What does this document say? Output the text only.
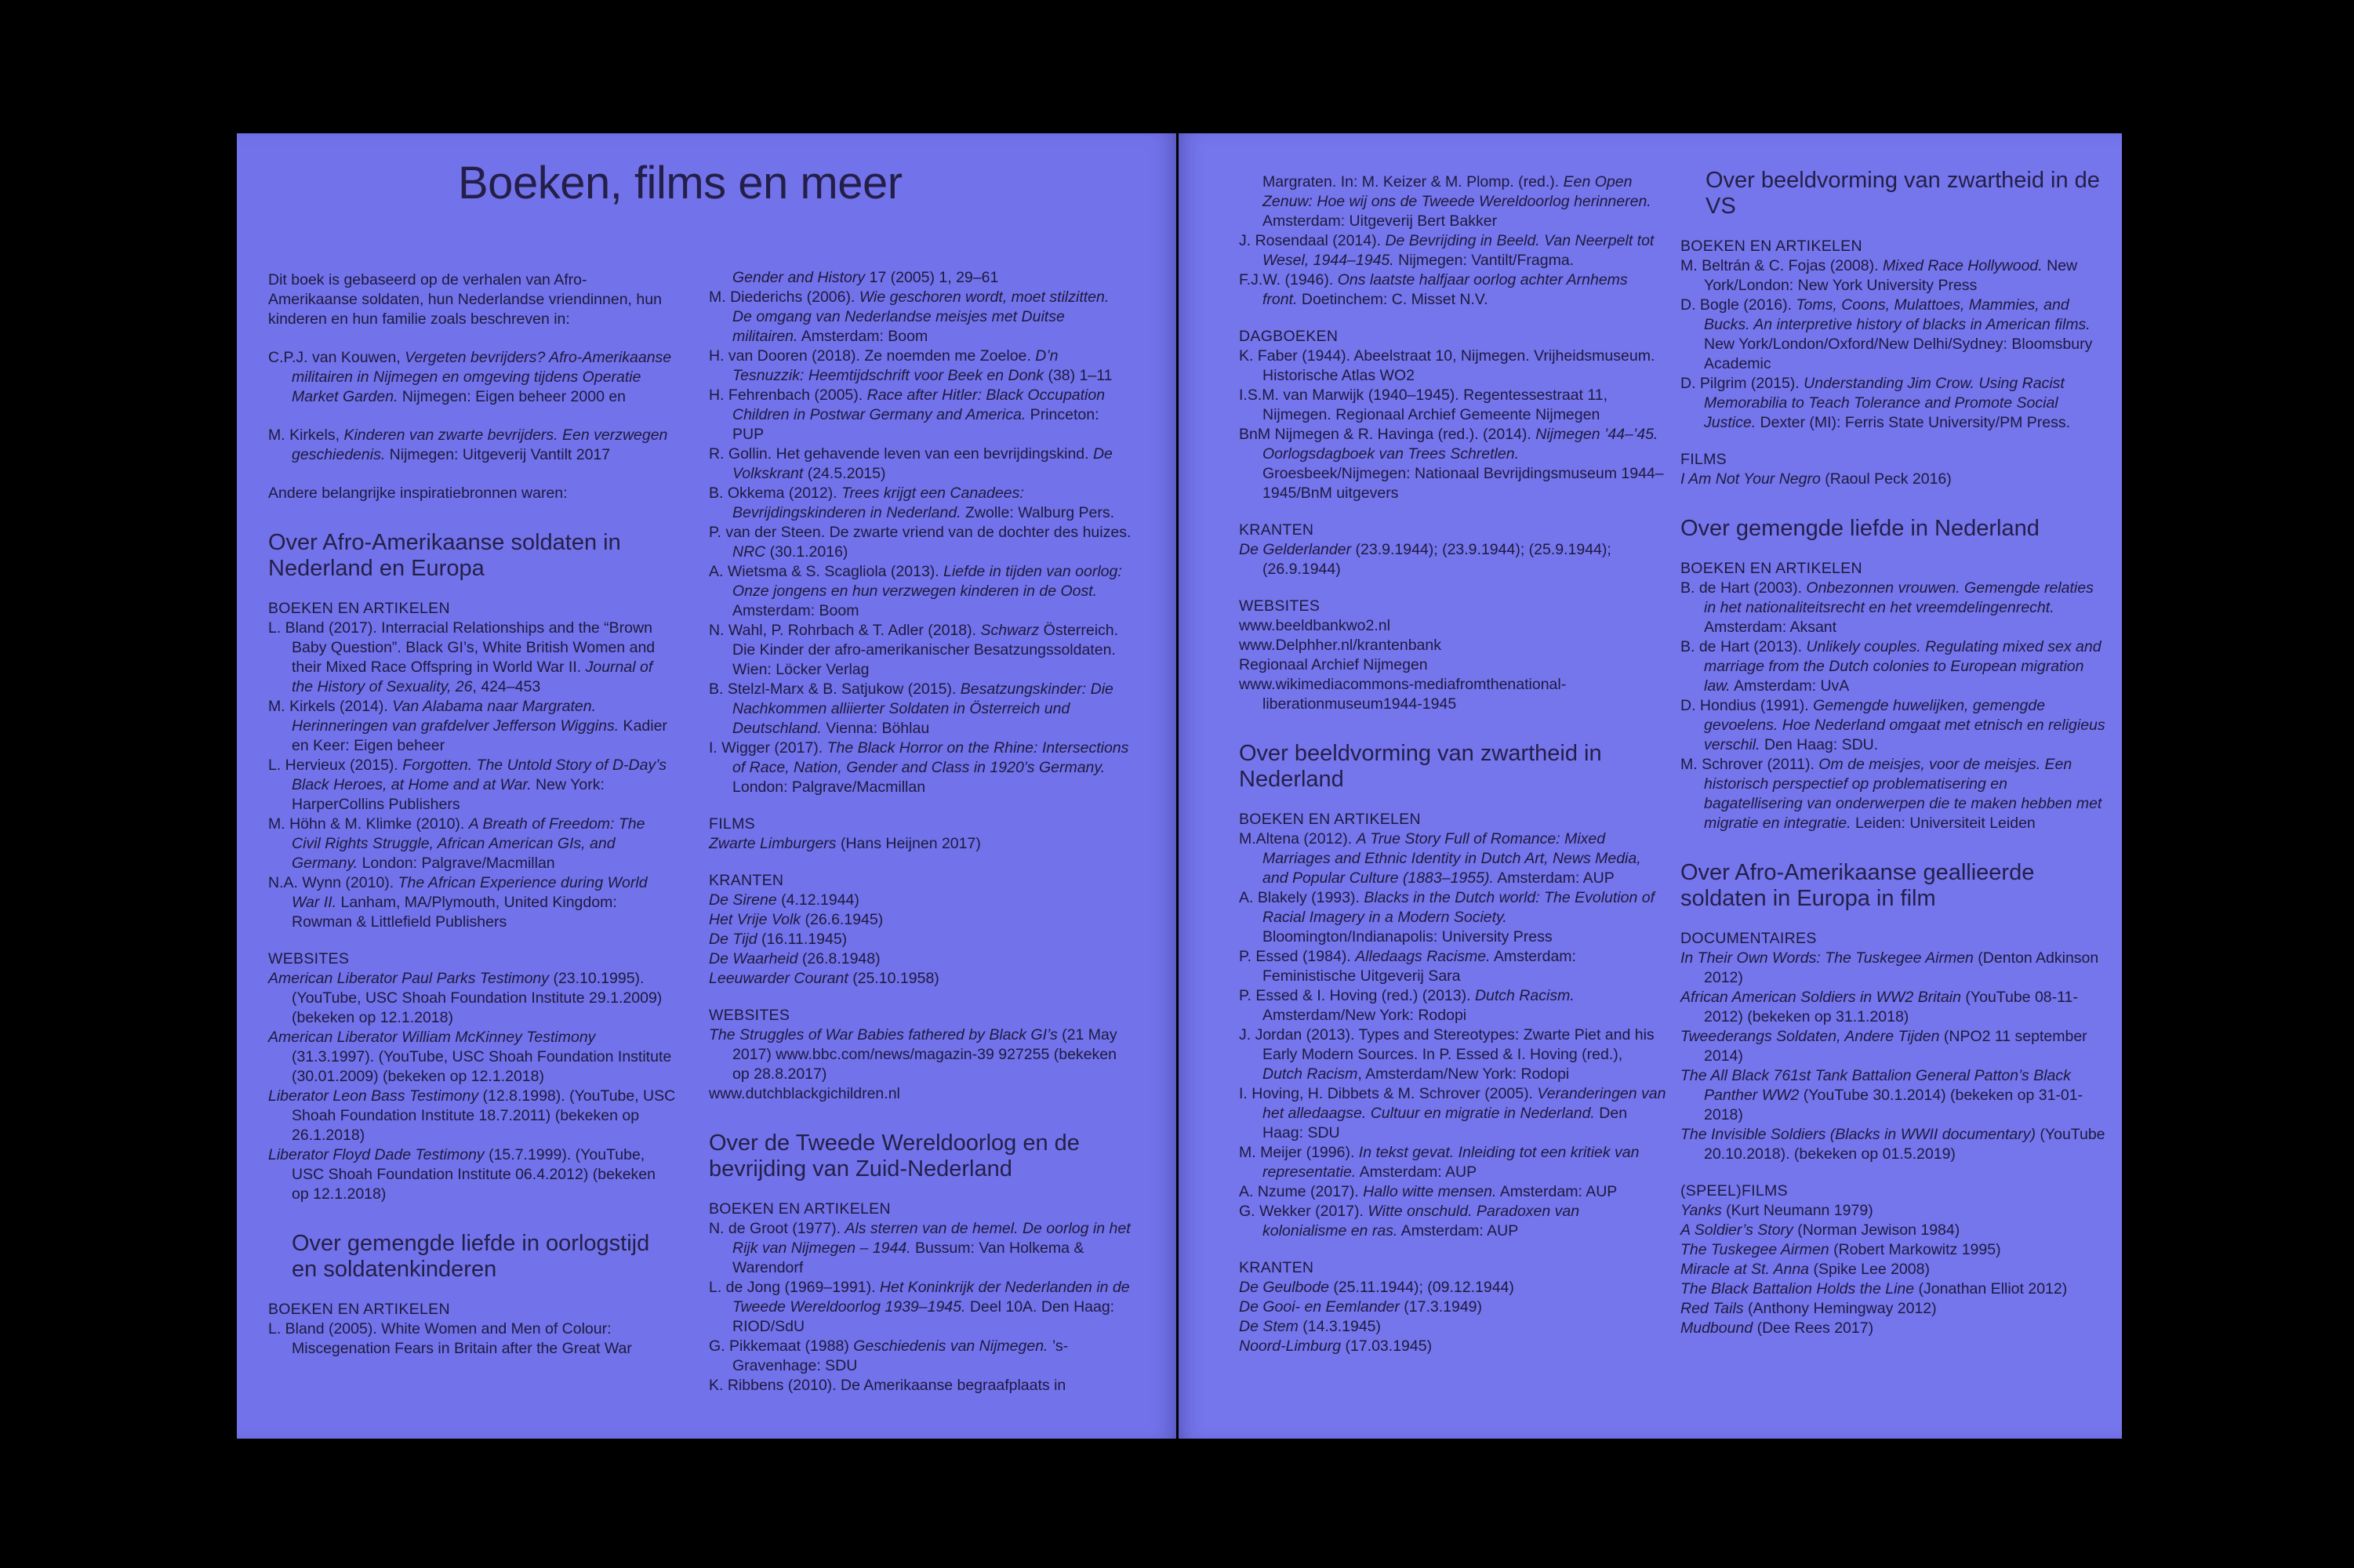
Boeken, films en meer

Dit boek is gebaseerd op de verhalen van Afro-Amerikaanse soldaten, hun Nederlandse vriendinnen, hun kinderen en hun familie zoals beschreven in:

C.P.J. van Kouwen, Vergeten bevrijders? Afro-Amerikaanse militairen in Nijmegen en omgeving tijdens Operatie Market Garden. Nijmegen: Eigen beheer 2000 en
M. Kirkels, Kinderen van zwarte bevrijders. Een verzwegen geschiedenis. Nijmegen: Uitgeverij Vantilt 2017

Andere belangrijke inspiratiebronnen waren:

Over Afro-Amerikaanse soldaten in Nederland en Europa
BOEKEN EN ARTIKELEN
L. Bland (2017). Interracial Relationships and the “Brown Baby Question”. Black GI’s, White British Women and their Mixed Race Offspring in World War II. Journal of the History of Sexuality, 26, 424–453
M. Kirkels (2014). Van Alabama naar Margraten. Herinneringen van grafdelver Jefferson Wiggins. Kadier en Keer: Eigen beheer
L. Hervieux (2015). Forgotten. The Untold Story of D-Day’s Black Heroes, at Home and at War. New York: HarperCollins Publishers
M. Höhn & M. Klimke (2010). A Breath of Freedom: The Civil Rights Struggle, African American GIs, and Germany. London: Palgrave/Macmillan
N.A. Wynn (2010). The African Experience during World War II. Lanham, MA/Plymouth, United Kingdom: Rowman & Littlefield Publishers
WEBSITES
American Liberator Paul Parks Testimony (23.10.1995). (YouTube, USC Shoah Foundation Institute 29.1.2009) (bekeken op 12.1.2018)
American Liberator William McKinney Testimony (31.3.1997). (YouTube, USC Shoah Foundation Institute (30.01.2009) (bekeken op 12.1.2018)
Liberator Leon Bass Testimony (12.8.1998). (YouTube, USC Shoah Foundation Institute 18.7.2011) (bekeken op 26.1.2018)
Liberator Floyd Dade Testimony (15.7.1999). (YouTube, USC Shoah Foundation Institute 06.4.2012) (bekeken op 12.1.2018)
Over gemengde liefde in oorlogstijd en soldatenkinderen
BOEKEN EN ARTIKELEN
L. Bland (2005). White Women and Men of Colour: Miscegenation Fears in Britain after the Great War
Gender and History 17 (2005) 1, 29–61
M. Diederichs (2006). Wie geschoren wordt, moet stilzitten. De omgang van Nederlandse meisjes met Duitse militairen. Amsterdam: Boom
H. van Dooren (2018). Ze noemden me Zoeloe. D’n Tesnuzzik: Heemtijdschrift voor Beek en Donk (38) 1–11
H. Fehrenbach (2005). Race after Hitler: Black Occupation Children in Postwar Germany and America. Princeton: PUP
R. Gollin. Het gehavende leven van een bevrijdingskind. De Volkskrant (24.5.2015)
B. Okkema (2012). Trees krijgt een Canadees: Bevrijdingskinderen in Nederland. Zwolle: Walburg Pers.
P. van der Steen. De zwarte vriend van de dochter des huizes. NRC (30.1.2016)
A. Wietsma & S. Scagliola (2013). Liefde in tijden van oorlog: Onze jongens en hun verzwegen kinderen in de Oost. Amsterdam: Boom
N. Wahl, P. Rohrbach & T. Adler (2018). Schwarz Österreich. Die Kinder der afro-amerikanischer Besatzungssoldaten. Wien: Löcker Verlag
B. Stelzl-Marx & B. Satjukow (2015). Besatzungskinder: Die Nachkommen alliierter Soldaten in Österreich und Deutschland. Vienna: Böhlau
I. Wigger (2017). The Black Horror on the Rhine: Intersections of Race, Nation, Gender and Class in 1920’s Germany. London: Palgrave/Macmillan
FILMS
Zwarte Limburgers (Hans Heijnen 2017)
KRANTEN
De Sirene (4.12.1944)
Het Vrije Volk (26.6.1945)
De Tijd (16.11.1945)
De Waarheid (26.8.1948)
Leeuwarder Courant (25.10.1958)
WEBSITES
The Struggles of War Babies fathered by Black GI’s (21 May 2017) www.bbc.com/news/magazin-39 927255 (bekeken op 28.8.2017)
www.dutchblackgichildren.nl
Over de Tweede Wereldoorlog en de bevrijding van Zuid-Nederland
BOEKEN EN ARTIKELEN
N. de Groot (1977). Als sterren van de hemel. De oorlog in het Rijk van Nijmegen – 1944. Bussum: Van Holkema & Warendorf
L. de Jong (1969–1991). Het Koninkrijk der Nederlanden in de Tweede Wereldoorlog 1939–1945. Deel 10A. Den Haag: RIOD/SdU
G. Pikkemaat (1988) Geschiedenis van Nijmegen. ’s-Gravenhage: SDU
K. Ribbens (2010). De Amerikaanse begraafplaats in
Margraten. In: M. Keizer & M. Plomp. (red.). Een Open Zenuw: Hoe wij ons de Tweede Wereldoorlog herinneren. Amsterdam: Uitgeverij Bert Bakker
J. Rosendaal (2014). De Bevrijding in Beeld. Van Neerpelt tot Wesel, 1944–1945. Nijmegen: Vantilt/Fragma.
F.J.W. (1946). Ons laatste halfjaar oorlog achter Arnhems front. Doetinchem: C. Misset N.V.
DAGBOEKEN
K. Faber (1944). Abeelstraat 10, Nijmegen. Vrijheidsmuseum. Historische Atlas WO2
I.S.M. van Marwijk (1940–1945). Regentessestraat 11, Nijmegen. Regionaal Archief Gemeente Nijmegen
BnM Nijmegen & R. Havinga (red.). (2014). Nijmegen ’44–’45. Oorlogsdagboek van Trees Schretlen. Groesbeek/Nijmegen: Nationaal Bevrijdingsmuseum 1944–1945/BnM uitgevers
KRANTEN
De Gelderlander (23.9.1944); (23.9.1944); (25.9.1944); (26.9.1944)
WEBSITES
www.beeldbankwo2.nl
www.Delphher.nl/krantenbank
Regionaal Archief Nijmegen
www.wikimediacommons-mediafromthenational-liberationmuseum1944-1945
Over beeldvorming van zwartheid in Nederland
BOEKEN EN ARTIKELEN
M.Altena (2012). A True Story Full of Romance: Mixed Marriages and Ethnic Identity in Dutch Art, News Media, and Popular Culture (1883–1955). Amsterdam: AUP
A. Blakely (1993). Blacks in the Dutch world: The Evolution of Racial Imagery in a Modern Society. Bloomington/Indianapolis: University Press
P. Essed (1984). Alledaags Racisme. Amsterdam: Feministische Uitgeverij Sara
P. Essed & I. Hoving (red.) (2013). Dutch Racism. Amsterdam/New York: Rodopi
J. Jordan (2013). Types and Stereotypes: Zwarte Piet and his Early Modern Sources. In P. Essed & I. Hoving (red.), Dutch Racism, Amsterdam/New York: Rodopi
I. Hoving, H. Dibbets & M. Schrover (2005). Veranderingen van het alledaagse. Cultuur en migratie in Nederland. Den Haag: SDU
M. Meijer (1996). In tekst gevat. Inleiding tot een kritiek van representatie. Amsterdam: AUP
A. Nzume (2017). Hallo witte mensen. Amsterdam: AUP
G. Wekker (2017). Witte onschuld. Paradoxen van kolonialisme en ras. Amsterdam: AUP
KRANTEN
De Geulbode (25.11.1944); (09.12.1944)
De Gooi- en Eemlander (17.3.1949)
De Stem (14.3.1945)
Noord-Limburg (17.03.1945)
Over beeldvorming van zwartheid in de VS
BOEKEN EN ARTIKELEN
M. Beltrán & C. Fojas (2008). Mixed Race Hollywood. New York/London: New York University Press
D. Bogle (2016). Toms, Coons, Mulattoes, Mammies, and Bucks. An interpretive history of blacks in American films. New York/London/Oxford/New Delhi/Sydney: Bloomsbury Academic
D. Pilgrim (2015). Understanding Jim Crow. Using Racist Memorabilia to Teach Tolerance and Promote Social Justice. Dexter (MI): Ferris State University/PM Press.
FILMS
I Am Not Your Negro (Raoul Peck 2016)
Over gemengde liefde in Nederland
BOEKEN EN ARTIKELEN
B. de Hart (2003). Onbezonnen vrouwen. Gemengde relaties in het nationaliteitsrecht en het vreemdelingenrecht. Amsterdam: Aksant
B. de Hart (2013). Unlikely couples. Regulating mixed sex and marriage from the Dutch colonies to European migration law. Amsterdam: UvA
D. Hondius (1991). Gemengde huwelijken, gemengde gevoelens. Hoe Nederland omgaat met etnisch en religieus verschil. Den Haag: SDU.
M. Schrover (2011). Om de meisjes, voor de meisjes. Een historisch perspectief op problematisering en bagatellisering van onderwerpen die te maken hebben met migratie en integratie. Leiden: Universiteit Leiden
Over Afro-Amerikaanse geallieerde soldaten in Europa in film
DOCUMENTAIRES
In Their Own Words: The Tuskegee Airmen (Denton Adkinson 2012)
African American Soldiers in WW2 Britain (YouTube 08-11-2012) (bekeken op 31.1.2018)
Tweederangs Soldaten, Andere Tijden (NPO2 11 september 2014)
The All Black 761st Tank Battalion General Patton’s Black Panther WW2 (YouTube 30.1.2014) (bekeken op 31-01-2018)
The Invisible Soldiers (Blacks in WWII documentary) (YouTube 20.10.2018). (bekeken op 01.5.2019)
(SPEEL)FILMS
Yanks (Kurt Neumann 1979)
A Soldier’s Story (Norman Jewison 1984)
The Tuskegee Airmen (Robert Markowitz 1995)
Miracle at St. Anna (Spike Lee 2008)
The Black Battalion Holds the Line (Jonathan Elliot 2012)
Red Tails (Anthony Hemingway 2012)
Mudbound (Dee Rees 2017)
